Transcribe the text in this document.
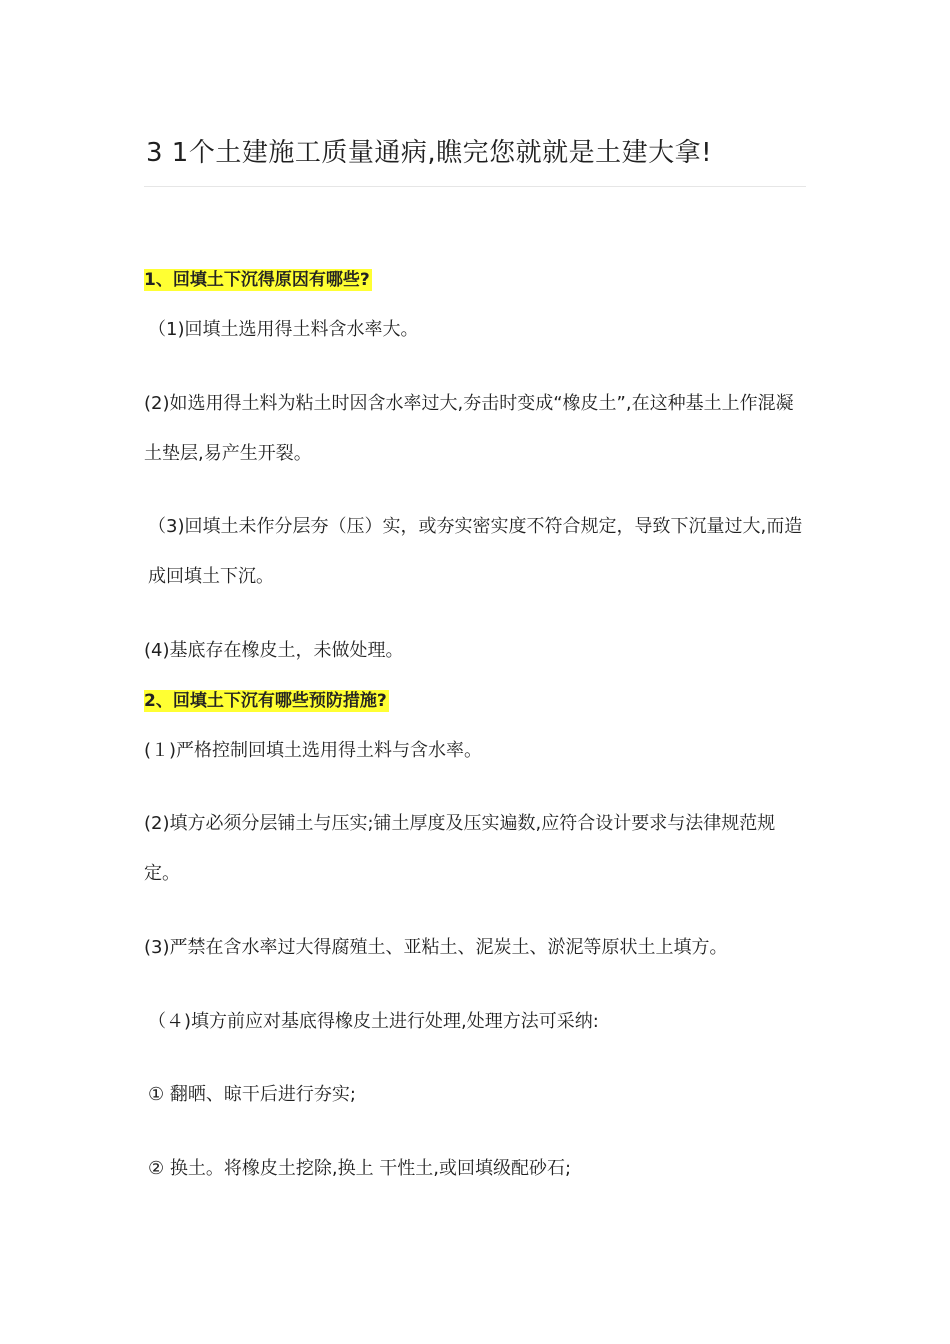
3 1个土建施工质量通病,瞧完您就就是土建大拿!
1、回填土下沉得原因有哪些?
（1)回填土选用得土料含水率大。
(2)如选用得土料为粘土时因含水率过大,夯击时变成“橡皮土”,在这种基土上作混凝土垫层,易产生开裂。
（3)回填土未作分层夯（压）实，或夯实密实度不符合规定，导致下沉量过大,而造成回填土下沉。
(4)基底存在橡皮土，未做处理。
2、回填土下沉有哪些预防措施?
(１)严格控制回填土选用得土料与含水率。
(2)填方必须分层铺土与压实;铺土厚度及压实遍数,应符合设计要求与法律规范规定。
(3)严禁在含水率过大得腐殖土、亚粘土、泥炭土、淤泥等原状土上填方。
（４)填方前应对基底得橡皮土进行处理,处理方法可采纳:
① 翻晒、晾干后进行夯实;
② 换土。将橡皮土挖除,换上 干性土,或回填级配砂石;
